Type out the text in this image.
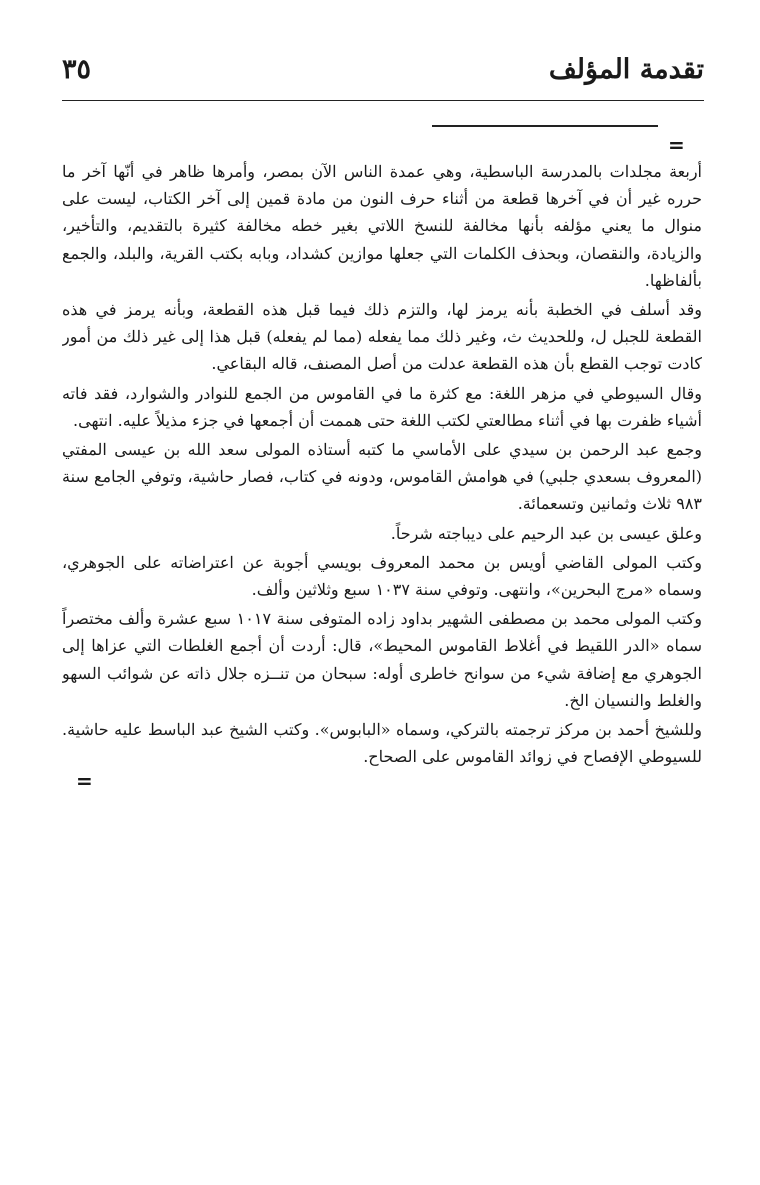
٣٥	تقدمة المؤلف
=

أربعة مجلدات بالمدرسة الباسطية، وهي عمدة الناس الآن بمصر، وأمرها ظاهر في أنّها آخر ما حرره غير أن في آخرها قطعة من أثناء حرف النون من مادة قمين إلى آخر الكتاب، ليست على منوال ما يعني مؤلفه بأنها مخالفة للنسخ اللاتي بغير خطه مخالفة كثيرة بالتقديم، والتأخير، والزيادة، والنقصان، وبحذف الكلمات التي جعلها موازين كشداد، وبابه بكتب القرية، والبلد، والجمع بألفاظها.

وقد أسلف في الخطبة بأنه يرمز لها، والتزم ذلك فيما قبل هذه القطعة، وبأنه يرمز في هذه القطعة للجبل ل، وللحديث ث، وغير ذلك مما يفعله (مما لم يفعله) قبل هذا إلى غير ذلك من أمور كادت توجب القطع بأن هذه القطعة عدلت من أصل المصنف، قاله البقاعي.

وقال السيوطي في مزهر اللغة: مع كثرة ما في القاموس من الجمع للنوادر والشوارد، فقد فاته أشياء ظفرت بها في أثناء مطالعتي لكتب اللغة حتى هممت أن أجمعها في جزء مذيلاً عليه. انتهى.

وجمع عبد الرحمن بن سيدي على الأماسي ما كتبه أستاذه المولى سعد الله بن عيسى المفتي (المعروف بسعدي جلبي) في هوامش القاموس، ودونه في كتاب، فصار حاشية، وتوفي الجامع سنة ٩٨٣ ثلاث وثمانين وتسعمائة.

وعلق عيسى بن عبد الرحيم على ديباجته شرحاً.

وكتب المولى القاضي أويس بن محمد المعروف بويسي أجوبة عن اعتراضاته على الجوهري، وسماه «مرج البحرين»، وانتهى. وتوفي سنة ١٠٣٧ سبع وثلاثين وألف.

وكتب المولى محمد بن مصطفى الشهير بداود زاده المتوفى سنة ١٠١٧ سبع عشرة وألف مختصراً سماه «الدر اللقيط في أغلاط القاموس المحيط»، قال: أردت أن أجمع الغلطات التي عزاها إلى الجوهري مع إضافة شيء من سوانح خاطرى أوله: سبحان من تنــزه جلال ذاته عن شوائب السهو والغلط والنسيان الخ.

وللشيخ أحمد بن مركز ترجمته بالتركي، وسماه «البابوس». وكتب الشيخ عبد الباسط عليه حاشية. للسيوطي الإفصاح في زوائد القاموس على الصحاح.

=
